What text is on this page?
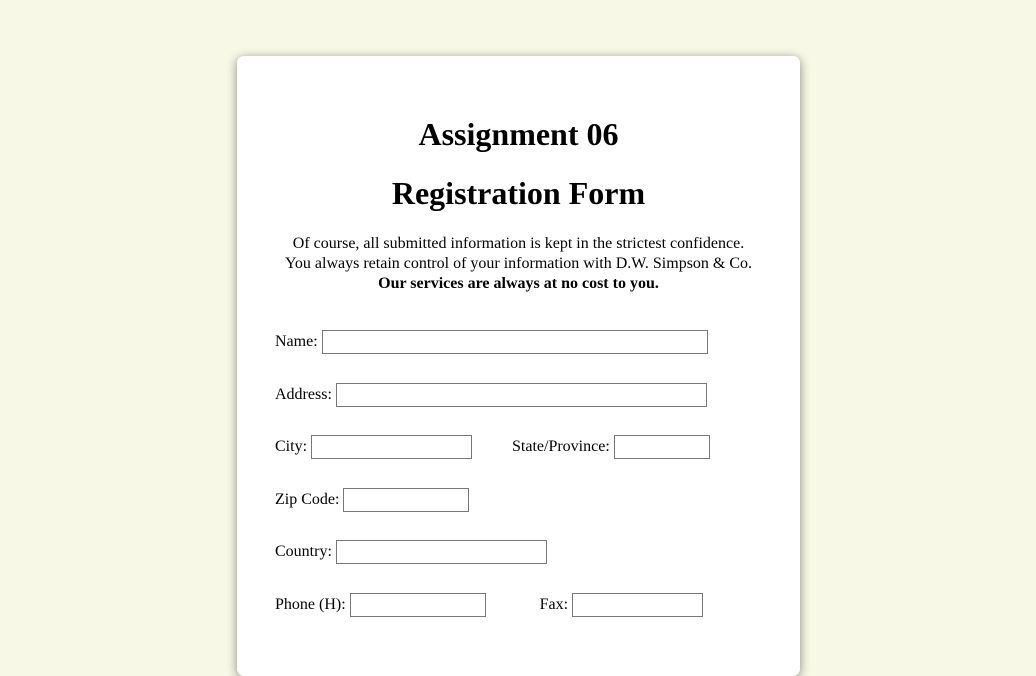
Assignment 06
Registration Form
Of course, all submitted information is kept in the strictest confidence.
You always retain control of your information with D.W. Simpson & Co.
Our services are always at no cost to you.
Name:
Address:
City:	State/Province:
Zip Code:
Country:
Phone (H):	Fax:
